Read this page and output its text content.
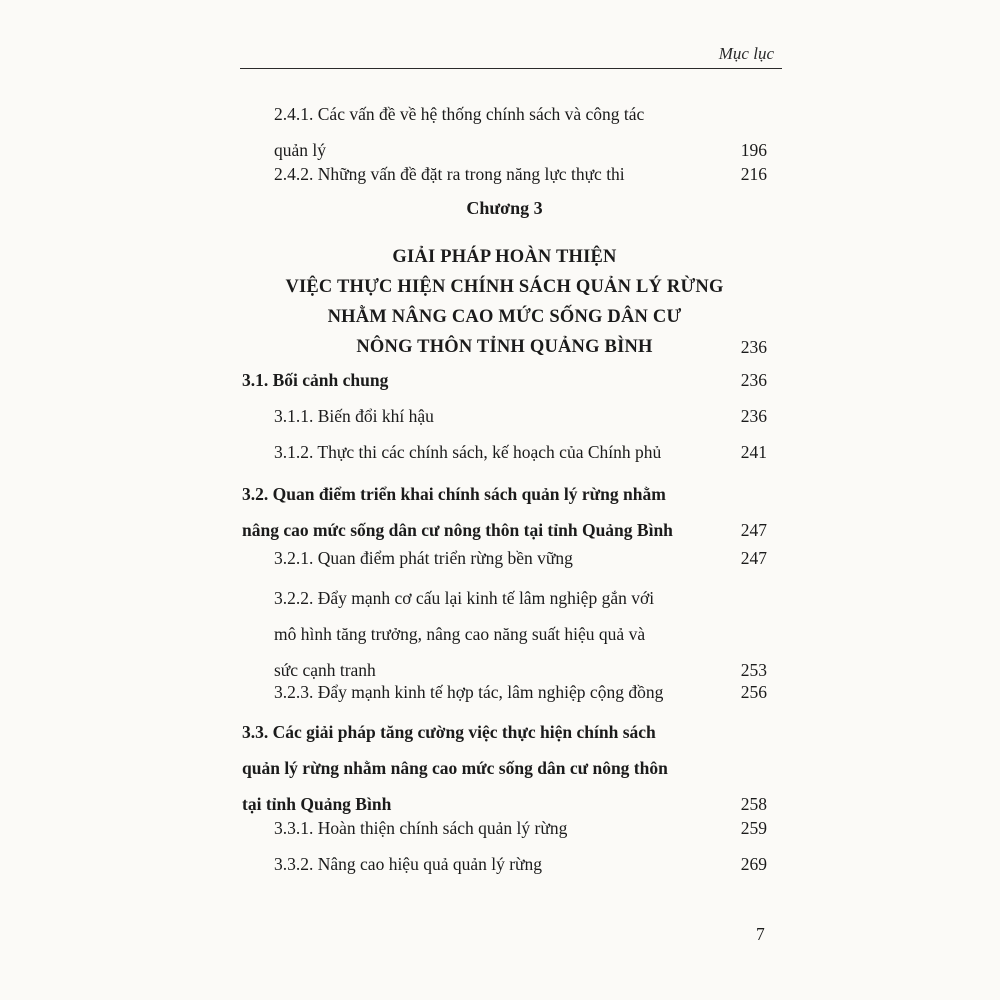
Mục lục
2.4.1. Các vấn đề về hệ thống chính sách và công tác
quản lý	196
2.4.2. Những vấn đề đặt ra trong năng lực thực thi	216
Chương 3
GIẢI PHÁP HOÀN THIỆN
VIỆC THỰC HIỆN CHÍNH SÁCH QUẢN LÝ RỪNG
NHẰM NÂNG CAO MỨC SỐNG DÂN CƯ
NÔNG THÔN TỈNH QUẢNG BÌNH	236
3.1. Bối cảnh chung	236
3.1.1. Biến đổi khí hậu	236
3.1.2. Thực thi các chính sách, kế hoạch của Chính phủ	241
3.2. Quan điểm triển khai chính sách quản lý rừng nhằm
nâng cao mức sống dân cư nông thôn tại tỉnh Quảng Bình	247
3.2.1. Quan điểm phát triển rừng bền vững	247
3.2.2. Đẩy mạnh cơ cấu lại kinh tế lâm nghiệp gắn với
mô hình tăng trưởng, nâng cao năng suất hiệu quả và
sức cạnh tranh	253
3.2.3. Đẩy mạnh kinh tế hợp tác, lâm nghiệp cộng đồng	256
3.3. Các giải pháp tăng cường việc thực hiện chính sách
quản lý rừng nhằm nâng cao mức sống dân cư nông thôn
tại tỉnh Quảng Bình	258
3.3.1. Hoàn thiện chính sách quản lý rừng	259
3.3.2. Nâng cao hiệu quả quản lý rừng	269
7
